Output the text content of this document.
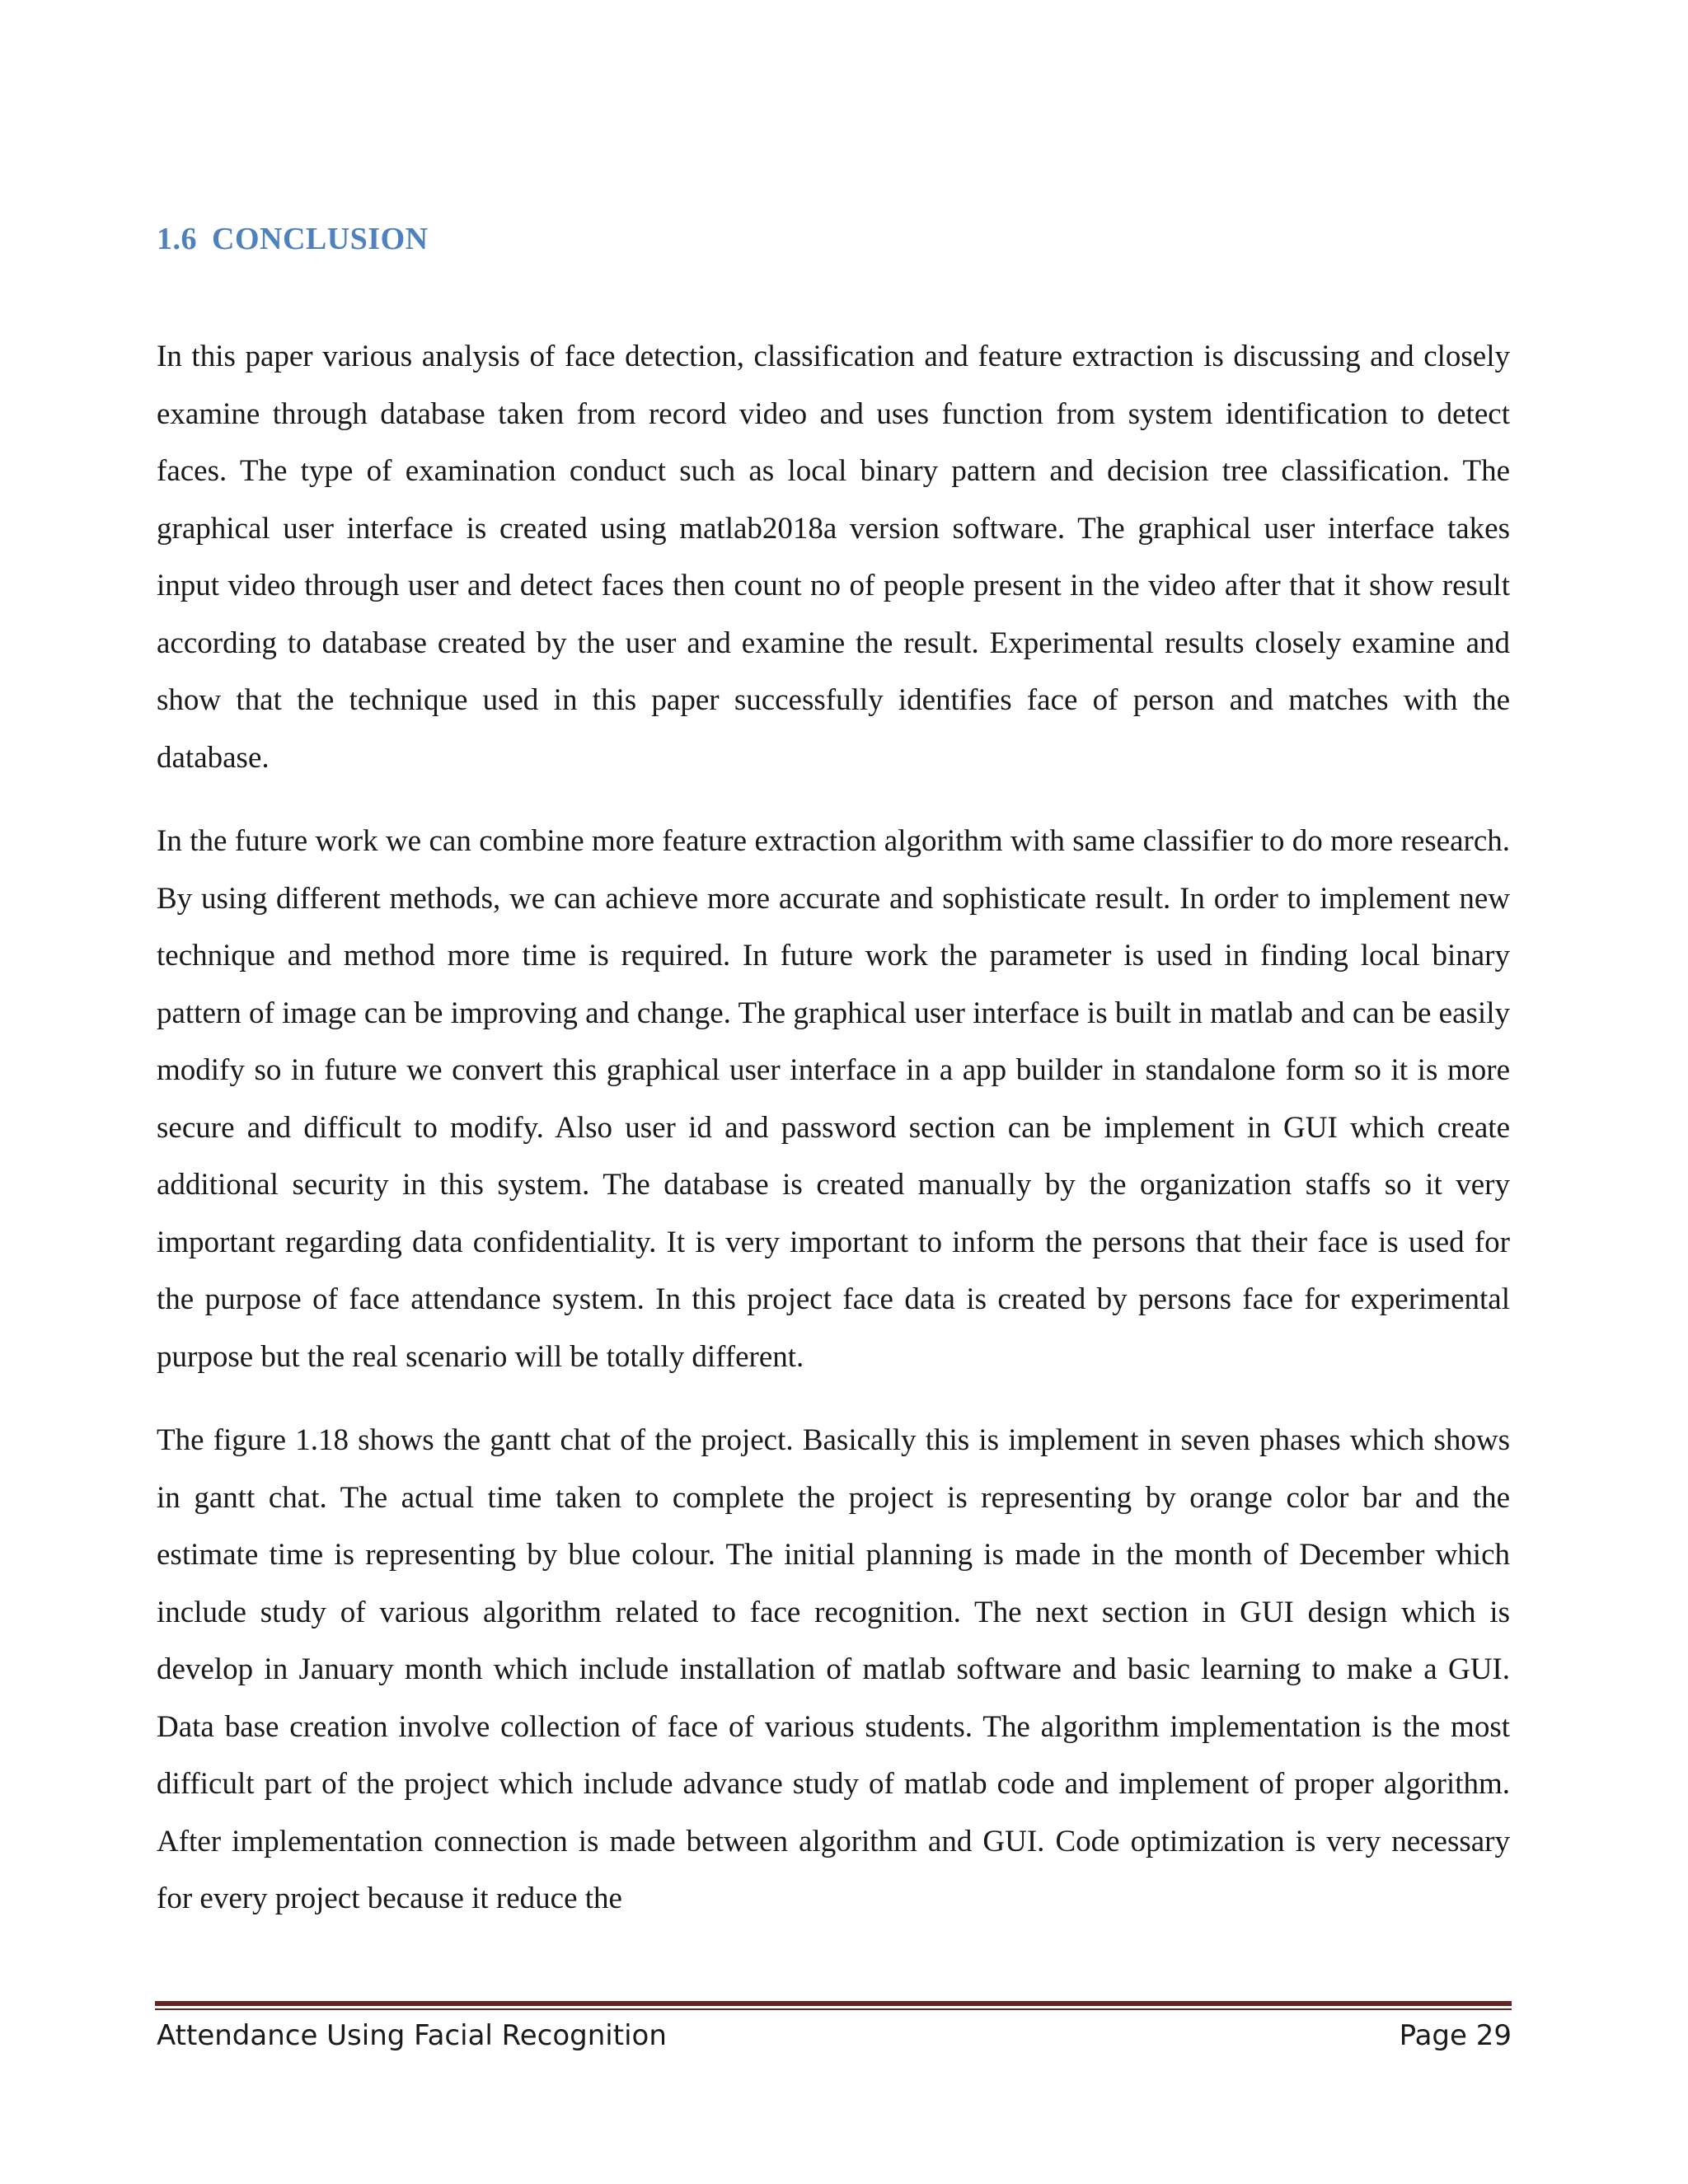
1.6 CONCLUSION

In this paper various analysis of face detection, classification and feature extraction is discussing and closely examine through database taken from record video and uses function from system identification to detect faces. The type of examination conduct such as local binary pattern and decision tree classification. The graphical user interface is created using matlab2018a version software. The graphical user interface takes input video through user and detect faces then count no of people present in the video after that it show result according to database created by the user and examine the result. Experimental results closely examine and show that the technique used in this paper successfully identifies face of person and matches with the database.

In the future work we can combine more feature extraction algorithm with same classifier to do more research. By using different methods, we can achieve more accurate and sophisticate result. In order to implement new technique and method more time is required. In future work the parameter is used in finding local binary pattern of image can be improving and change. The graphical user interface is built in matlab and can be easily modify so in future we convert this graphical user interface in a app builder in standalone form so it is more secure and difficult to modify. Also user id and password section can be implement in GUI which create additional security in this system. The database is created manually by the organization staffs so it very important regarding data confidentiality. It is very important to inform the persons that their face is used for the purpose of face attendance system. In this project face data is created by persons face for experimental purpose but the real scenario will be totally different.

The figure 1.18 shows the gantt chat of the project. Basically this is implement in seven phases which shows in gantt chat. The actual time taken to complete the project is representing by orange color bar and the estimate time is representing by blue colour. The initial planning is made in the month of December which include study of various algorithm related to face recognition. The next section in GUI design which is develop in January month which include installation of matlab software and basic learning to make a GUI. Data base creation involve collection of face of various students. The algorithm implementation is the most difficult part of the project which include advance study of matlab code and implement of proper algorithm. After implementation connection is made between algorithm and GUI. Code optimization is very necessary for every project because it reduce the

Attendance Using Facial Recognition	Page 29
